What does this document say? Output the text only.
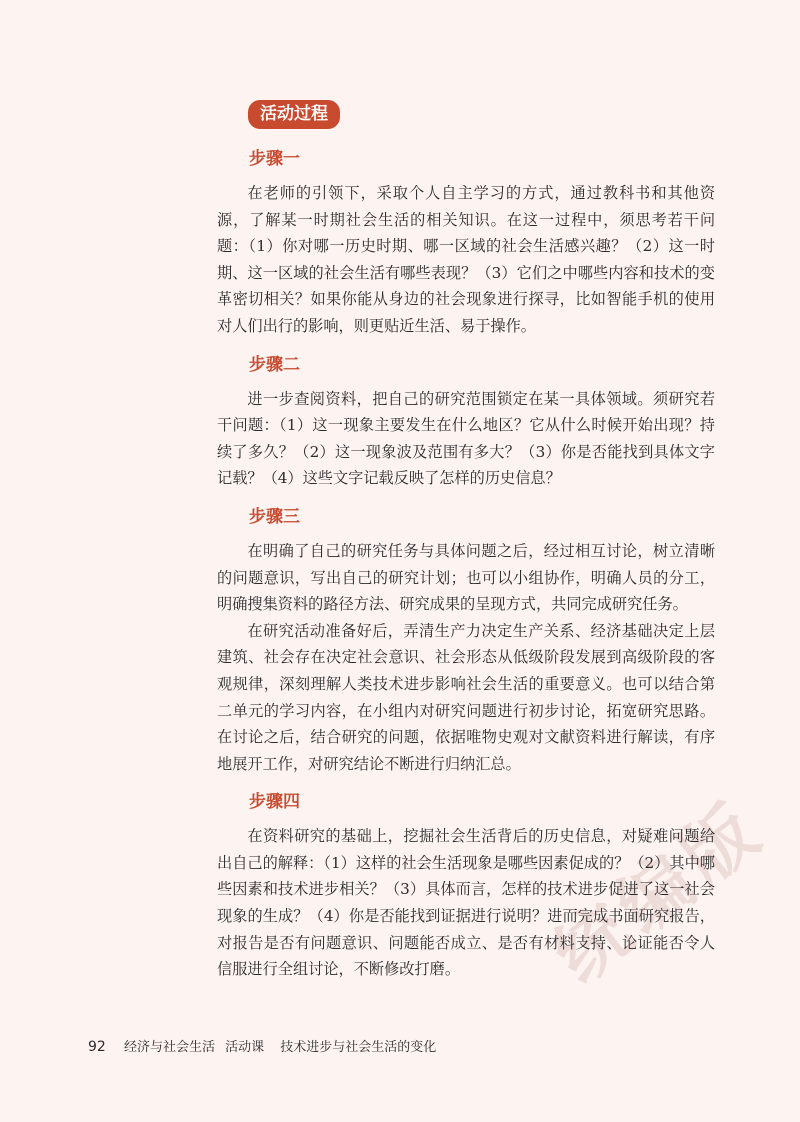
统
编
版
活动过程
步骤一

在老师的引领下，采取个人自主学习的方式，通过教科书和其他资源，了解某一时期社会生活的相关知识。在这一过程中，须思考若干问题：（1）你对哪一历史时期、哪一区域的社会生活感兴趣？（2）这一时期、这一区域的社会生活有哪些表现？（3）它们之中哪些内容和技术的变革密切相关？如果你能从身边的社会现象进行探寻，比如智能手机的使用对人们出行的影响，则更贴近生活、易于操作。

步骤二

进一步查阅资料，把自己的研究范围锁定在某一具体领域。须研究若干问题：（1）这一现象主要发生在什么地区？它从什么时候开始出现？持续了多久？（2）这一现象波及范围有多大？（3）你是否能找到具体文字记载？（4）这些文字记载反映了怎样的历史信息？

步骤三

在明确了自己的研究任务与具体问题之后，经过相互讨论，树立清晰的问题意识，写出自己的研究计划；也可以小组协作，明确人员的分工，明确搜集资料的路径方法、研究成果的呈现方式，共同完成研究任务。

在研究活动准备好后，弄清生产力决定生产关系、经济基础决定上层建筑、社会存在决定社会意识、社会形态从低级阶段发展到高级阶段的客观规律，深刻理解人类技术进步影响社会生活的重要意义。也可以结合第二单元的学习内容，在小组内对研究问题进行初步讨论，拓宽研究思路。在讨论之后，结合研究的问题，依据唯物史观对文献资料进行解读，有序地展开工作，对研究结论不断进行归纳汇总。

步骤四

在资料研究的基础上，挖掘社会生活背后的历史信息，对疑难问题给出自己的解释：（1）这样的社会生活现象是哪些因素促成的？（2）其中哪些因素和技术进步相关？（3）具体而言，怎样的技术进步促进了这一社会现象的生成？（4）你是否能找到证据进行说明？进而完成书面研究报告，对报告是否有问题意识、问题能否成立、是否有材料支持、论证能否令人信服进行全组讨论，不断修改打磨。

92 经济与社会生活 活动课 技术进步与社会生活的变化
